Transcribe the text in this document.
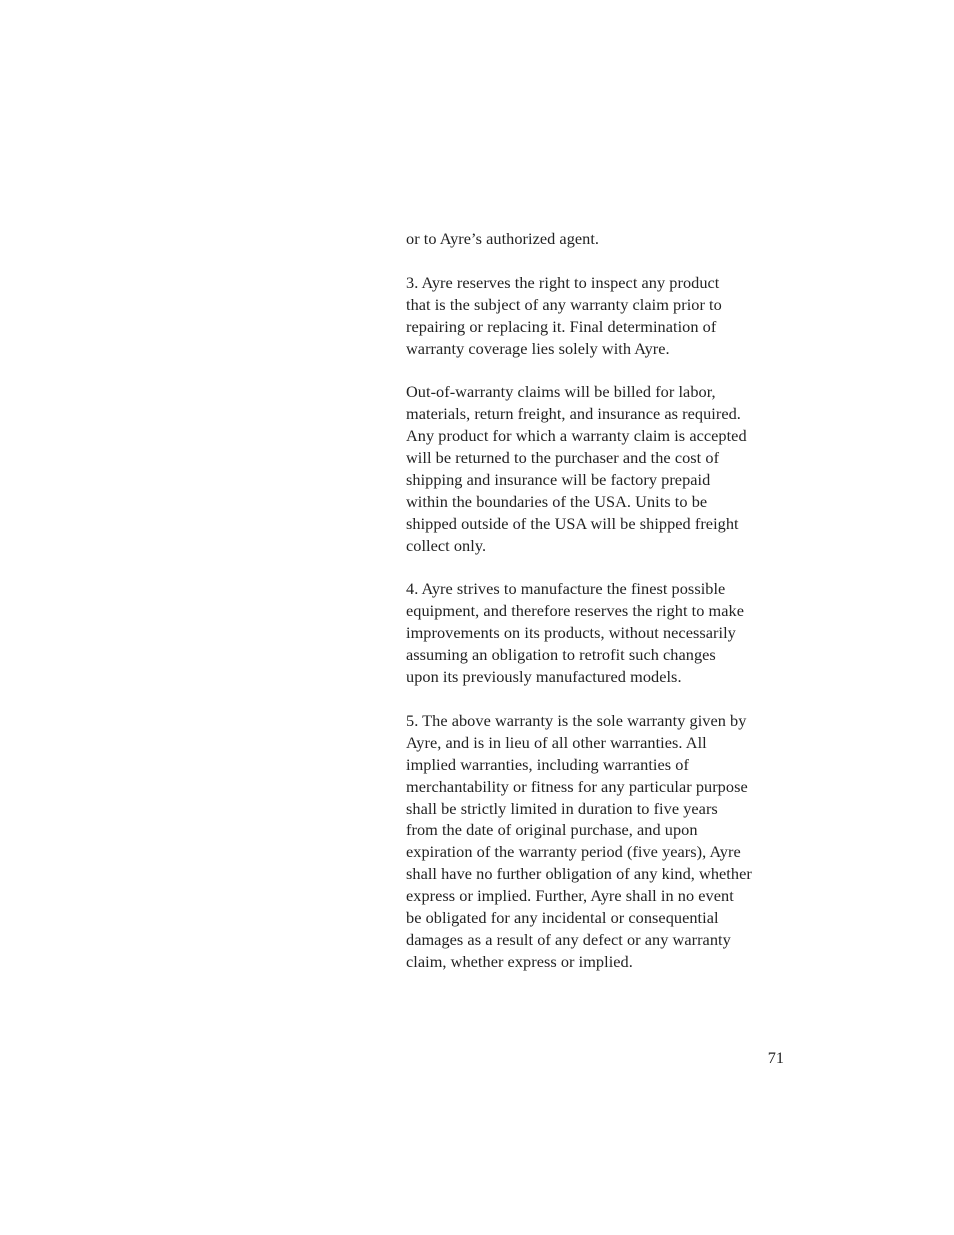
or to Ayre’s authorized agent.

3. Ayre reserves the right to inspect any product
that is the subject of any warranty claim prior to
repairing or replacing it. Final determination of
warranty coverage lies solely with Ayre.

Out-of-warranty claims will be billed for labor,
materials, return freight, and insurance as required.
Any product for which a warranty claim is accepted
will be returned to the purchaser and the cost of
shipping and insurance will be factory prepaid
within the boundaries of the USA. Units to be
shipped outside of the USA will be shipped freight
collect only.

4. Ayre strives to manufacture the finest possible
equipment, and therefore reserves the right to make
improvements on its products, without necessarily
assuming an obligation to retrofit such changes
upon its previously manufactured models.

5. The above warranty is the sole warranty given by
Ayre, and is in lieu of all other warranties. All
implied warranties, including warranties of
merchantability or fitness for any particular purpose
shall be strictly limited in duration to five years
from the date of original purchase, and upon
expiration of the warranty period (five years), Ayre
shall have no further obligation of any kind, whether
express or implied. Further, Ayre shall in no event
be obligated for any incidental or consequential
damages as a result of any defect or any warranty
claim, whether express or implied.

71
